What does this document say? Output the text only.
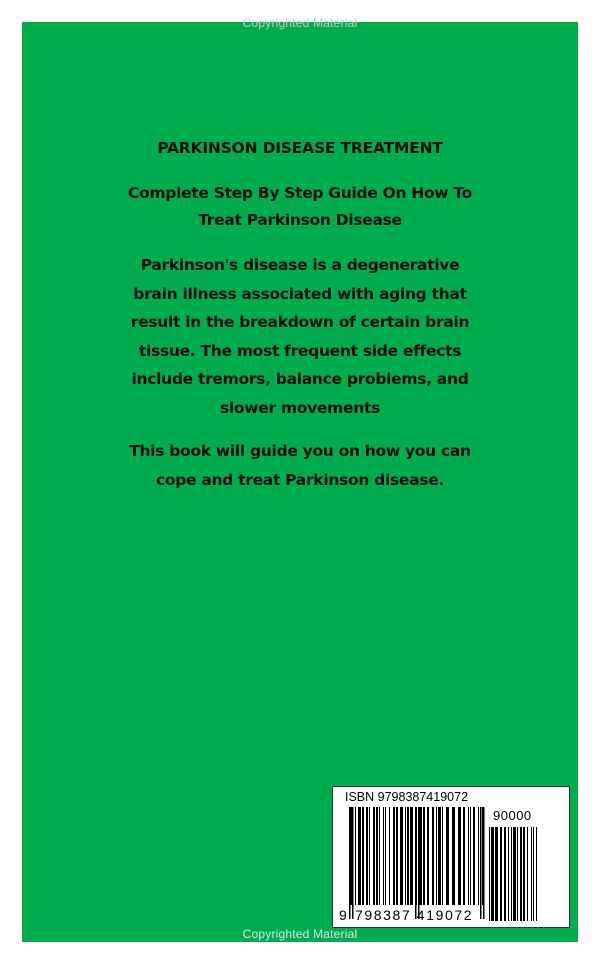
Copyrighted Material
PARKINSON DISEASE TREATMENT
Complete Step By Step Guide On How To
Treat Parkinson Disease
Parkinson's disease is a degenerative
brain illness associated with aging that
result in the breakdown of certain brain
tissue. The most frequent side effects
include tremors, balance problems, and
slower movements
This book will guide you on how you can
cope and treat Parkinson disease.
ISBN 9798387419072
90000
9 798387 419072
Copyrighted Material
